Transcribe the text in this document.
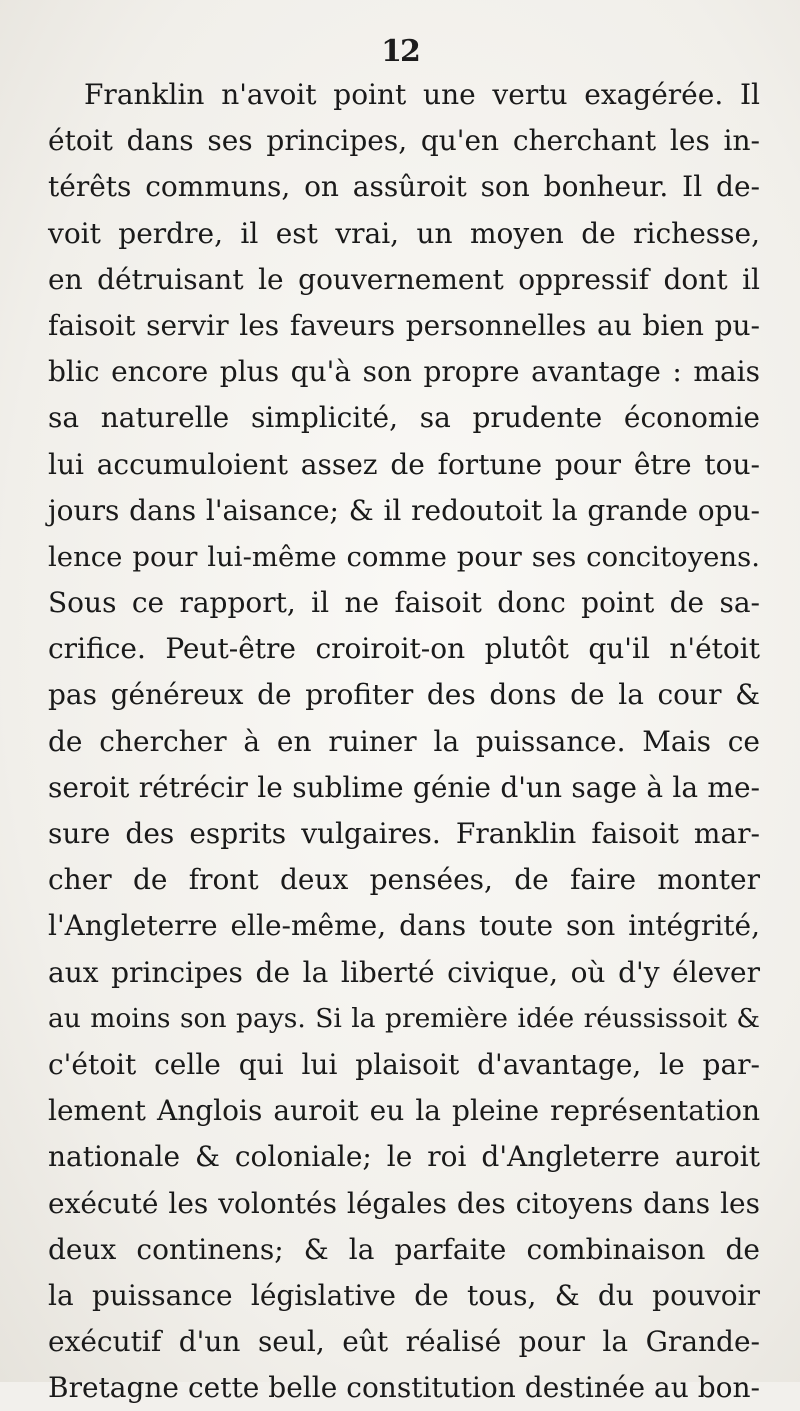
12
Franklin n'avoit point une vertu exagérée. Il
étoit dans ses principes, qu'en cherchant les in-
térêts communs, on assûroit son bonheur. Il de-
voit perdre, il est vrai, un moyen de richesse,
en détruisant le gouvernement oppressif dont il
faisoit servir les faveurs personnelles au bien pu-
blic encore plus qu'à son propre avantage : mais
sa naturelle simplicité, sa prudente économie
lui accumuloient assez de fortune pour être tou-
jours dans l'aisance; & il redoutoit la grande opu-
lence pour lui-même comme pour ses concitoyens.
Sous ce rapport, il ne faisoit donc point de sa-
crifice. Peut-être croiroit-on plutôt qu'il n'étoit
pas généreux de profiter des dons de la cour &
de chercher à en ruiner la puissance. Mais ce
seroit rétrécir le sublime génie d'un sage à la me-
sure des esprits vulgaires. Franklin faisoit mar-
cher de front deux pensées, de faire monter
l'Angleterre elle-même, dans toute son intégrité,
aux principes de la liberté civique, où d'y élever
au moins son pays. Si la première idée réussissoit &
c'étoit celle qui lui plaisoit d'avantage, le par-
lement Anglois auroit eu la pleine représentation
nationale & coloniale; le roi d'Angleterre auroit
exécuté les volontés légales des citoyens dans les
deux continens; & la parfaite combinaison de
la puissance législative de tous, & du pouvoir
exécutif d'un seul, eût réalisé pour la Grande-
Bretagne cette belle constitution destinée au bon-
